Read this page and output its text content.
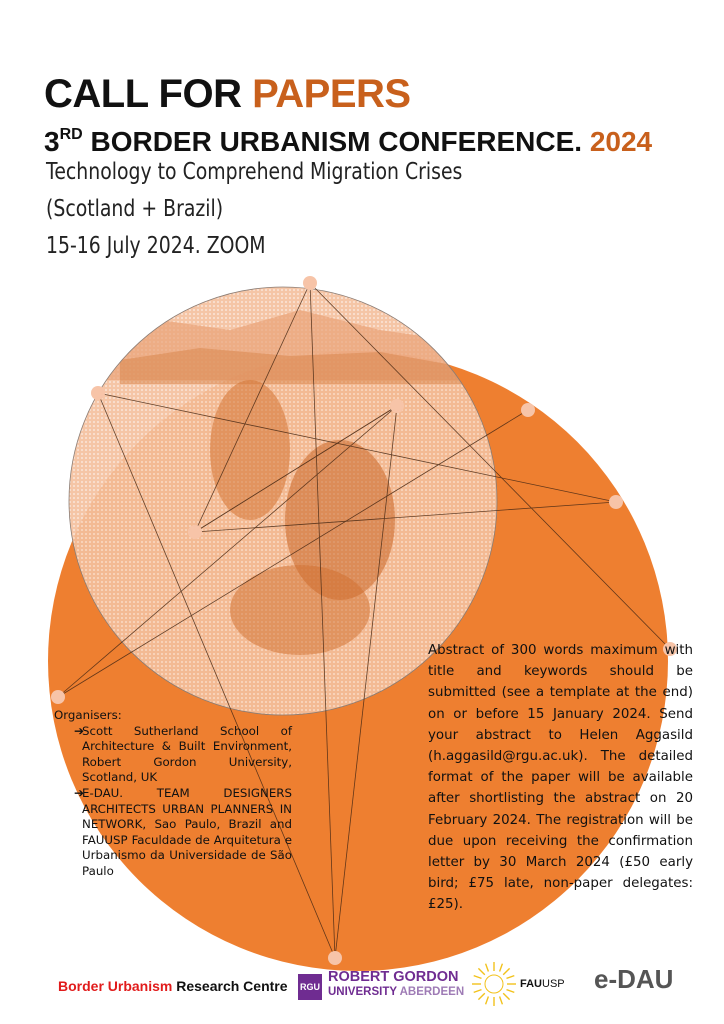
CALL FOR PAPERS
3RD BORDER URBANISM CONFERENCE. 2024
Technology to Comprehend Migration Crises
(Scotland + Brazil)
15-16 July 2024. ZOOM
Abstract of 300 words maximum with title and keywords should be submitted (see a template at the end) on or before 15 January 2024. Send your abstract to Helen Aggasild (h.aggasild@rgu.ac.uk). The detailed format of the paper will be available after shortlisting the abstract on 20 February 2024. The registration will be due upon receiving the confirmation letter by 30 March 2024 (£50 early bird; £75 late, non-paper delegates: £25).
Organisers:
➔
Scott Sutherland School of Architecture & Built Environment, Robert Gordon University, Scotland, UK
➔
E-DAU. TEAM DESIGNERS ARCHITECTS URBAN PLANNERS IN NETWORK, Sao Paulo, Brazil and FAUUSP Faculdade de Arquitetura e Urbanismo da Universidade de São Paulo
Border Urbanism Research Centre RGU
ROBERT GORDON
UNIVERSITY ABERDEEN
FAUUSP e-DAU
